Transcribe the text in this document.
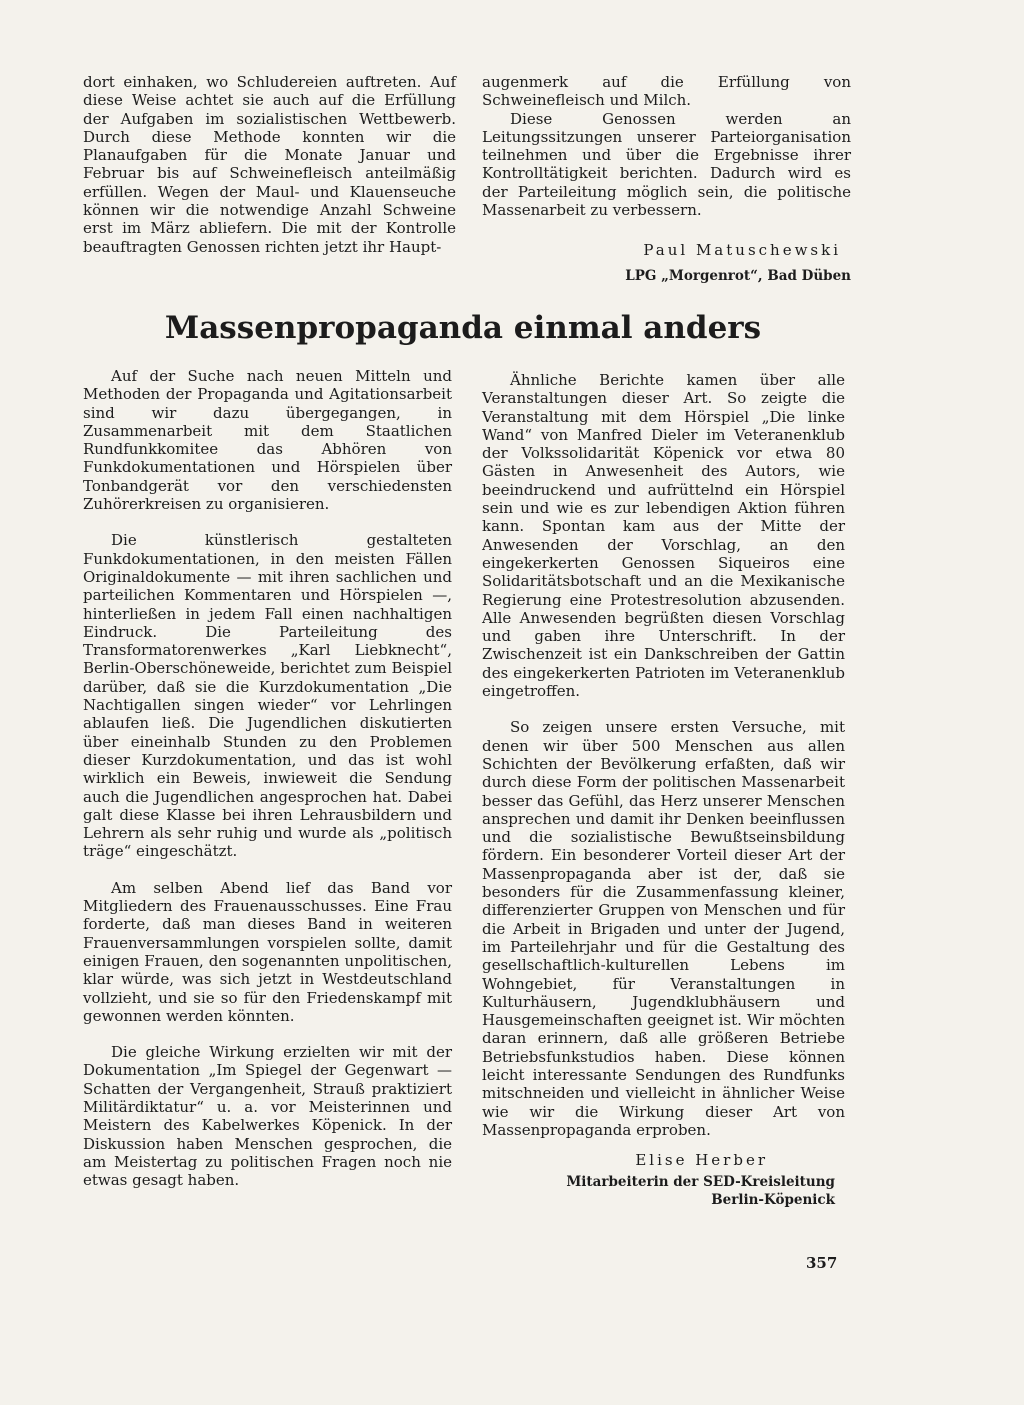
dort einhaken, wo Schludereien auftreten. Auf diese Weise achtet sie auch auf die Erfüllung der Aufgaben im sozialistischen Wettbewerb. Durch diese Methode konnten wir die Planaufgaben für die Monate Januar und Februar bis auf Schweinefleisch anteilmäßig erfüllen. Wegen der Maul- und Klauenseuche können wir die notwendige Anzahl Schweine erst im März abliefern. Die mit der Kontrolle beauftragten Genossen richten jetzt ihr Haupt-

augenmerk auf die Erfüllung von Schweinefleisch und Milch.

Diese Genossen werden an Leitungssitzungen unserer Parteiorganisation teilnehmen und über die Ergebnisse ihrer Kontrolltätigkeit berichten. Dadurch wird es der Parteileitung möglich sein, die politische Massenarbeit zu verbessern.

Paul Matuschewski
LPG „Morgenrot“, Bad Düben
Massenpropaganda einmal anders

Auf der Suche nach neuen Mitteln und Methoden der Propaganda und Agitationsarbeit sind wir dazu übergegangen, in Zusammenarbeit mit dem Staatlichen Rundfunkkomitee das Abhören von Funkdokumentationen und Hörspielen über Tonbandgerät vor den verschiedensten Zuhörerkreisen zu organisieren.

Die künstlerisch gestalteten Funkdokumentationen, in den meisten Fällen Originaldokumente — mit ihren sachlichen und parteilichen Kommentaren und Hörspielen —, hinterließen in jedem Fall einen nachhaltigen Eindruck. Die Parteileitung des Transformatorenwerkes „Karl Liebknecht“, Berlin-Oberschöneweide, berichtet zum Beispiel darüber, daß sie die Kurzdokumentation „Die Nachtigallen singen wieder“ vor Lehrlingen ablaufen ließ. Die Jugendlichen diskutierten über eineinhalb Stunden zu den Problemen dieser Kurzdokumentation, und das ist wohl wirklich ein Beweis, inwieweit die Sendung auch die Jugendlichen angesprochen hat. Dabei galt diese Klasse bei ihren Lehrausbildern und Lehrern als sehr ruhig und wurde als „politisch träge“ eingeschätzt.

Am selben Abend lief das Band vor Mitgliedern des Frauenausschusses. Eine Frau forderte, daß man dieses Band in weiteren Frauenversammlungen vorspielen sollte, damit einigen Frauen, den sogenannten unpolitischen, klar würde, was sich jetzt in Westdeutschland vollzieht, und sie so für den Friedenskampf mit gewonnen werden könnten.

Die gleiche Wirkung erzielten wir mit der Dokumentation „Im Spiegel der Gegenwart — Schatten der Vergangenheit, Strauß praktiziert Militärdiktatur“ u. a. vor Meisterinnen und Meistern des Kabelwerkes Köpenick. In der Diskussion haben Menschen gesprochen, die am Meistertag zu politischen Fragen noch nie etwas gesagt haben.

Ähnliche Berichte kamen über alle Veranstaltungen dieser Art. So zeigte die Veranstaltung mit dem Hörspiel „Die linke Wand“ von Manfred Dieler im Veteranenklub der Volkssolidarität Köpenick vor etwa 80 Gästen in Anwesenheit des Autors, wie beeindruckend und aufrüttelnd ein Hörspiel sein und wie es zur lebendigen Aktion führen kann. Spontan kam aus der Mitte der Anwesenden der Vorschlag, an den eingekerkerten Genossen Siqueiros eine Solidaritätsbotschaft und an die Mexikanische Regierung eine Protestresolution abzusenden. Alle Anwesenden begrüßten diesen Vorschlag und gaben ihre Unterschrift. In der Zwischenzeit ist ein Dankschreiben der Gattin des eingekerkerten Patrioten im Veteranenklub eingetroffen.

So zeigen unsere ersten Versuche, mit denen wir über 500 Menschen aus allen Schichten der Bevölkerung erfaßten, daß wir durch diese Form der politischen Massenarbeit besser das Gefühl, das Herz unserer Menschen ansprechen und damit ihr Denken beeinflussen und die sozialistische Bewußtseinsbildung fördern. Ein besonderer Vorteil dieser Art der Massenpropaganda aber ist der, daß sie besonders für die Zusammenfassung kleiner, differenzierter Gruppen von Menschen und für die Arbeit in Brigaden und unter der Jugend, im Parteilehrjahr und für die Gestaltung des gesellschaftlich-kulturellen Lebens im Wohngebiet, für Veranstaltungen in Kulturhäusern, Jugendklubhäusern und Hausgemeinschaften geeignet ist. Wir möchten daran erinnern, daß alle größeren Betriebe Betriebsfunkstudios haben. Diese können leicht interessante Sendungen des Rundfunks mitschneiden und vielleicht in ähnlicher Weise wie wir die Wirkung dieser Art von Massenpropaganda erproben.

Elise Herber
Mitarbeiterin der SED-Kreisleitung
Berlin-Köpenick
357
